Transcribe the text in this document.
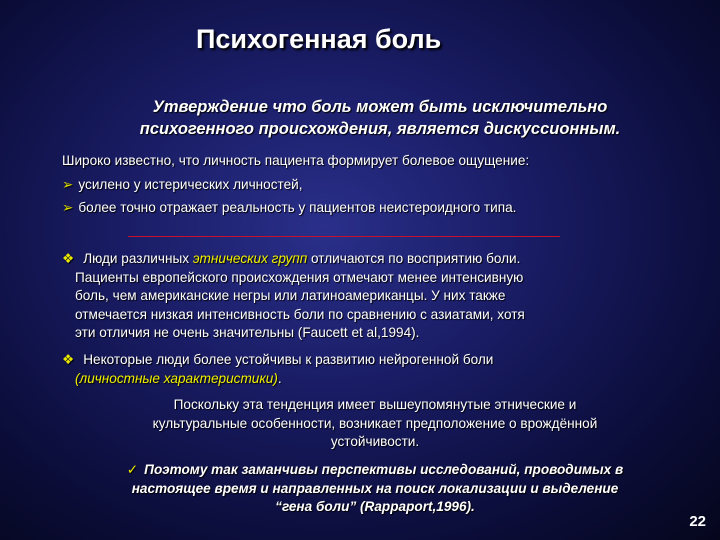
Психогенная боль
Утверждение что боль может быть исключительно
психогенного происхождения, является дискуссионным.
Широко известно, что личность пациента формирует болевое ощущение:
➢ усилено у истерических личностей,
➢ более точно отражает реальность у пациентов неистероидного типа.
❖ Люди различных этнических групп отличаются по восприятию боли.
Пациенты европейского происхождения отмечают менее интенсивную
боль, чем американские негры или латиноамериканцы. У них также
отмечается низкая интенсивность боли по сравнению с азиатами, хотя
эти отличия не очень значительны (Faucett et al,1994).
❖ Некоторые люди более устойчивы к развитию нейрогенной боли
(личностные характеристики).
Поскольку эта тенденция имеет вышеупомянутые этнические и
культуральные особенности, возникает предположение о врождённой
устойчивости.
✓ Поэтому так заманчивы перспективы исследований, проводимых в
настоящее время и направленных на поиск локализации и выделение
“гена боли” (Rappaport,1996).
22
